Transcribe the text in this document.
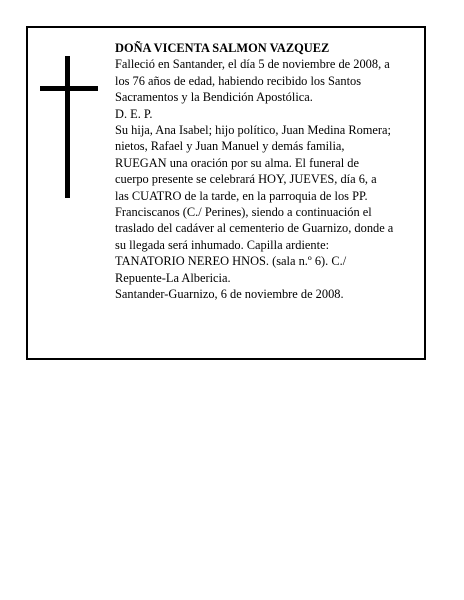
DOÑA VICENTA SALMON VAZQUEZ
Falleció en Santander, el día 5 de noviembre de 2008, a
los 76 años de edad, habiendo recibido los Santos
Sacramentos y la Bendición Apostólica.
D. E. P.
Su hija, Ana Isabel; hijo político, Juan Medina Romera;
nietos, Rafael y Juan Manuel y demás familia,
RUEGAN una oración por su alma. El funeral de
cuerpo presente se celebrará HOY, JUEVES, día 6, a
las CUATRO de la tarde, en la parroquia de los PP.
Franciscanos (C./ Perines), siendo a continuación el
traslado del cadáver al cementerio de Guarnizo, donde a
su llegada será inhumado. Capilla ardiente:
TANATORIO NEREO HNOS. (sala n.º 6). C./
Repuente-La Albericia.
Santander-Guarnizo, 6 de noviembre de 2008.
